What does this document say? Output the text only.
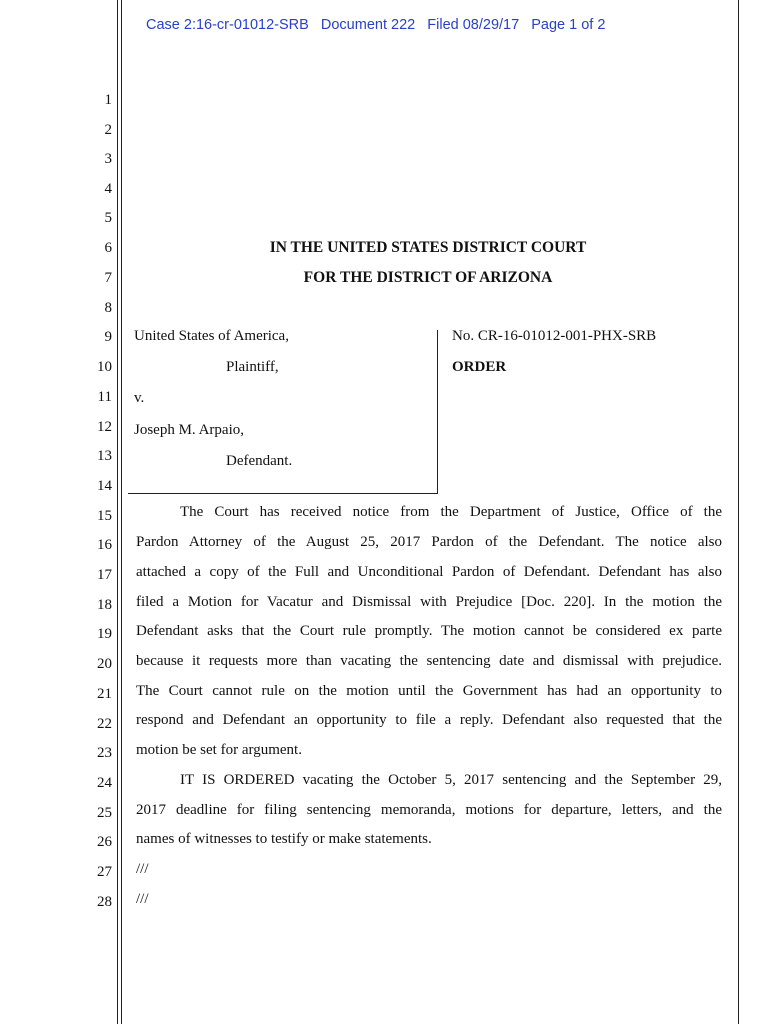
Case 2:16-cr-01012-SRB   Document 222   Filed 08/29/17   Page 1 of 2
1
2
3
4
5
6
7
8
9
10
11
12
13
14
15
16
17
18
19
20
21
22
23
24
25
26
27
28
IN THE UNITED STATES DISTRICT COURT
FOR THE DISTRICT OF ARIZONA
United States of America,
Plaintiff,
v.
Joseph M. Arpaio,
Defendant.
No. CR-16-01012-001-PHX-SRB
ORDER
The Court has received notice from the Department of Justice, Office of the
Pardon Attorney of the August 25, 2017 Pardon of the Defendant. The notice also
attached a copy of the Full and Unconditional Pardon of Defendant. Defendant has also
filed a Motion for Vacatur and Dismissal with Prejudice [Doc. 220]. In the motion the
Defendant asks that the Court rule promptly. The motion cannot be considered ex parte
because it requests more than vacating the sentencing date and dismissal with prejudice.
The Court cannot rule on the motion until the Government has had an opportunity to
respond and Defendant an opportunity to file a reply. Defendant also requested that the
motion be set for argument.
IT IS ORDERED vacating the October 5, 2017 sentencing and the September 29,
2017 deadline for filing sentencing memoranda, motions for departure, letters, and the
names of witnesses to testify or make statements.
///
///
